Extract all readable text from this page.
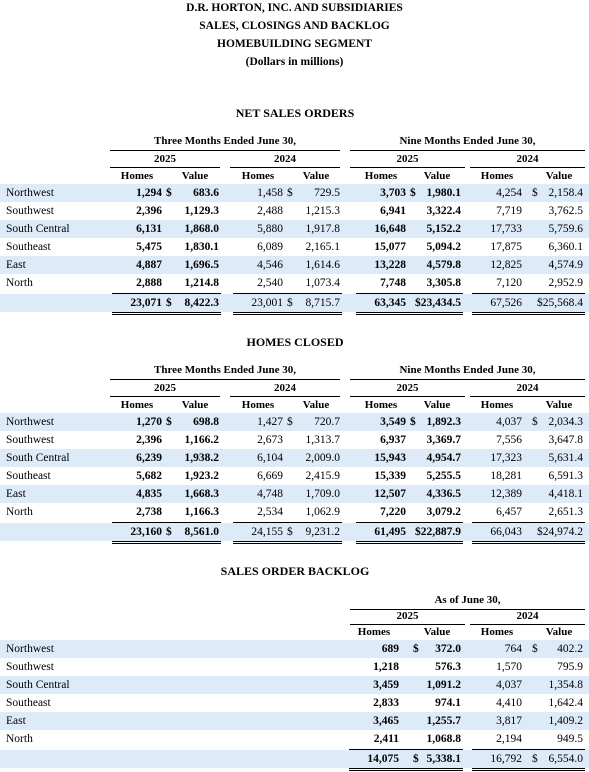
D.R. HORTON, INC. AND SUBSIDIARIES
SALES, CLOSINGS AND BACKLOG
HOMEBUILDING SEGMENT
(Dollars in millions)
NET SALES ORDERS
Three Months Ended June 30,	Nine Months Ended June 30,
2025	2024	2025	2024
Homes	Value	Homes	Value	Homes	Value	Homes	Value
Northwest	1,294 $	683.6	1,458 $	729.5	3,703 $ 1,980.1	4,254 $ 2,158.4
Southwest	2,396	1,129.3	2,488	1,215.3	6,941	3,322.4	7,719	3,762.5
South Central	6,131	1,868.0	5,880	1,917.8	16,648	5,152.2	17,733	5,759.6
Southeast	5,475	1,830.1	6,089	2,165.1	15,077	5,094.2	17,875	6,360.1
East	4,887	1,696.5	4,546	1,614.6	13,228	4,579.8	12,825	4,574.9
North	2,888	1,214.8	2,540	1,073.4	7,748	3,305.8	7,120	2,952.9
23,071 $	8,422.3	23,001 $	8,715.7	63,345 $23,434.5	67,526	$25,568.4
HOMES CLOSED
Three Months Ended June 30,	Nine Months Ended June 30,
2025	2024	2025	2024
Homes	Value	Homes	Value	Homes	Value	Homes	Value
Northwest	1,270 $	698.8	1,427 $	720.7	3,549 $ 1,892.3	4,037 $ 2,034.3
Southwest	2,396	1,166.2	2,673	1,313.7	6,937	3,369.7	7,556	3,647.8
South Central	6,239	1,938.2	6,104	2,009.0	15,943	4,954.7	17,323	5,631.4
Southeast	5,682	1,923.2	6,669	2,415.9	15,339	5,255.5	18,281	6,591.3
East	4,835	1,668.3	4,748	1,709.0	12,507	4,336.5	12,389	4,418.1
North	2,738	1,166.3	2,534	1,062.9	7,220	3,079.2	6,457	2,651.3
23,160 $	8,561.0	24,155 $	9,231.2	61,495 $22,887.9	66,043	$24,974.2
SALES ORDER BACKLOG
As of June 30,
2025	2024
Homes	Value	Homes	Value
Northwest	689 $	372.0	764 $	402.2
Southwest	1,218	576.3	1,570	795.9
South Central	3,459	1,091.2	4,037	1,354.8
Southeast	2,833	974.1	4,410	1,642.4
East	3,465	1,255.7	3,817	1,409.2
North	2,411	1,068.8	2,194	949.5
14,075 $ 5,338.1	16,792 $ 6,554.0
